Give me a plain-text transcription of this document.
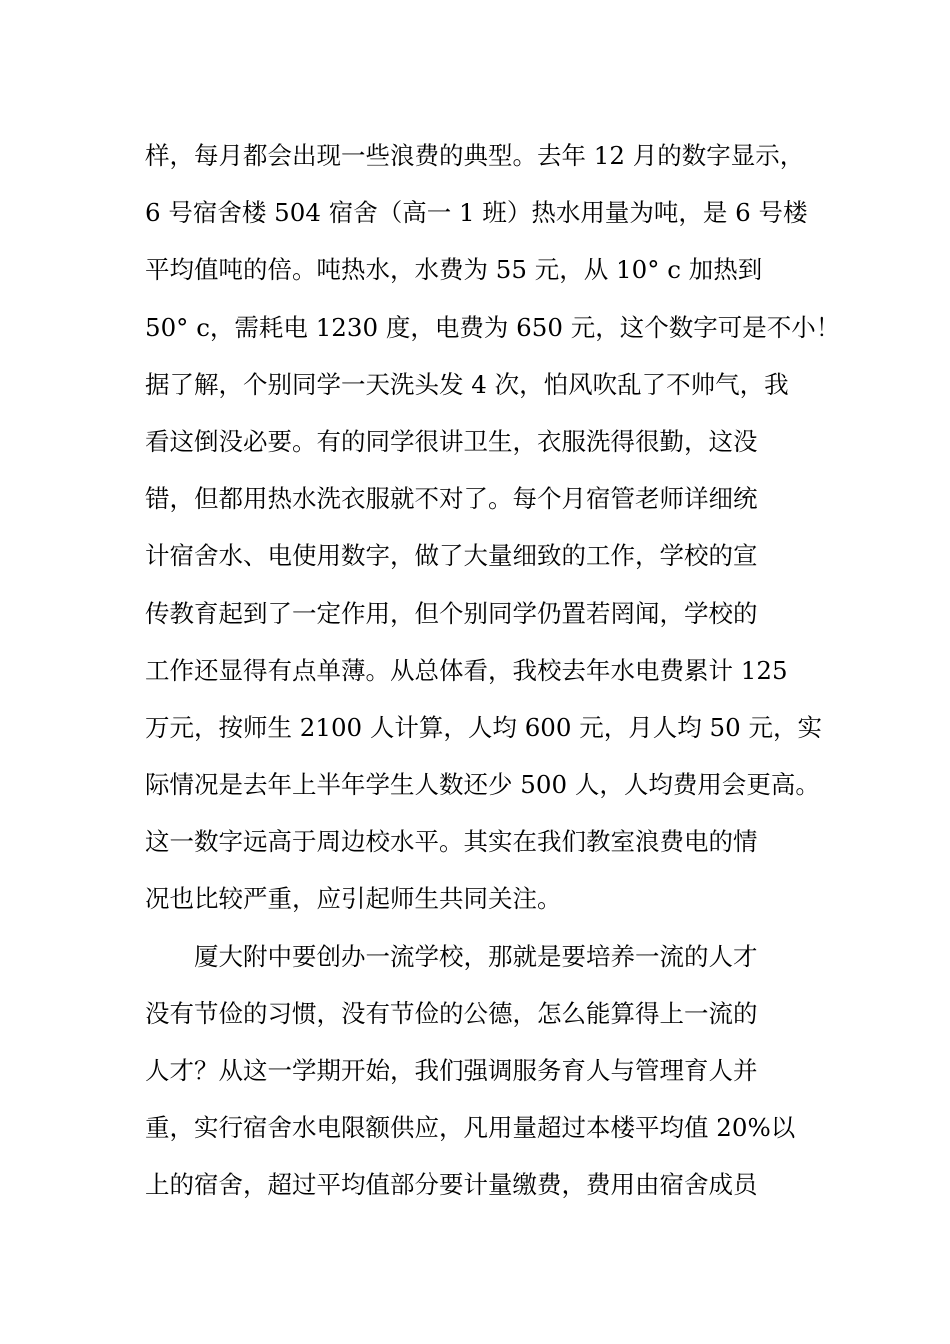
样，每月都会出现一些浪费的典型。去年 12 月的数字显示，
6 号宿舍楼 504 宿舍（高一 1 班）热水用量为吨，是 6 号楼
平均值吨的倍。吨热水，水费为 55 元，从 10° c 加热到
50° c，需耗电 1230 度，电费为 650 元，这个数字可是不小！
据了解，个别同学一天洗头发 4 次，怕风吹乱了不帅气，我
看这倒没必要。有的同学很讲卫生，衣服洗得很勤，这没
错，但都用热水洗衣服就不对了。每个月宿管老师详细统
计宿舍水、电使用数字，做了大量细致的工作，学校的宣
传教育起到了一定作用，但个别同学仍置若罔闻，学校的
工作还显得有点单薄。从总体看，我校去年水电费累计 125
万元，按师生 2100 人计算，人均 600 元，月人均 50 元，实
际情况是去年上半年学生人数还少 500 人，人均费用会更高。
这一数字远高于周边校水平。其实在我们教室浪费电的情
况也比较严重，应引起师生共同关注。
厦大附中要创办一流学校，那就是要培养一流的人才
没有节俭的习惯，没有节俭的公德，怎么能算得上一流的
人才？从这一学期开始，我们强调服务育人与管理育人并
重，实行宿舍水电限额供应，凡用量超过本楼平均值 20%以
上的宿舍，超过平均值部分要计量缴费，费用由宿舍成员
